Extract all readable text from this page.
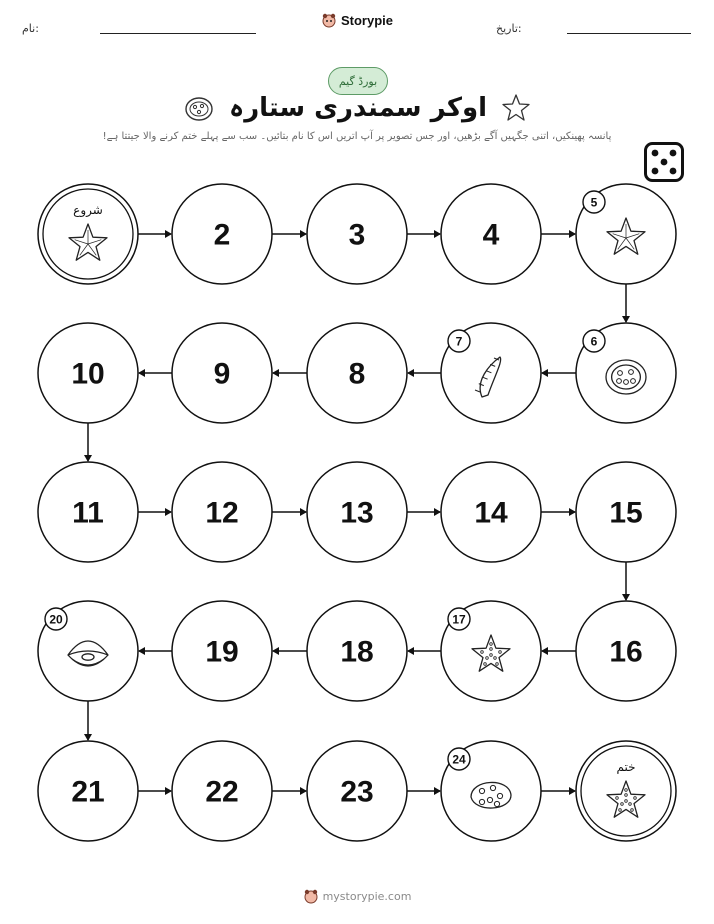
نام:
Storypie
تاریخ:
بورڈ گیم
اوکر سمندری ستارہ
پانسہ پھینکیں، اتنی جگہیں آگے بڑھیں، اور جس تصویر پر آپ اتریں اس کا نام بتائیں۔ سب سے پہلے ختم کرنے والا جیتتا ہے!
شروع
2	3	4
5
6
7
8
9
10
11	12	13	14	15
16
17
18
19
20
21	22	23
24
ختم
mystorypie.com
